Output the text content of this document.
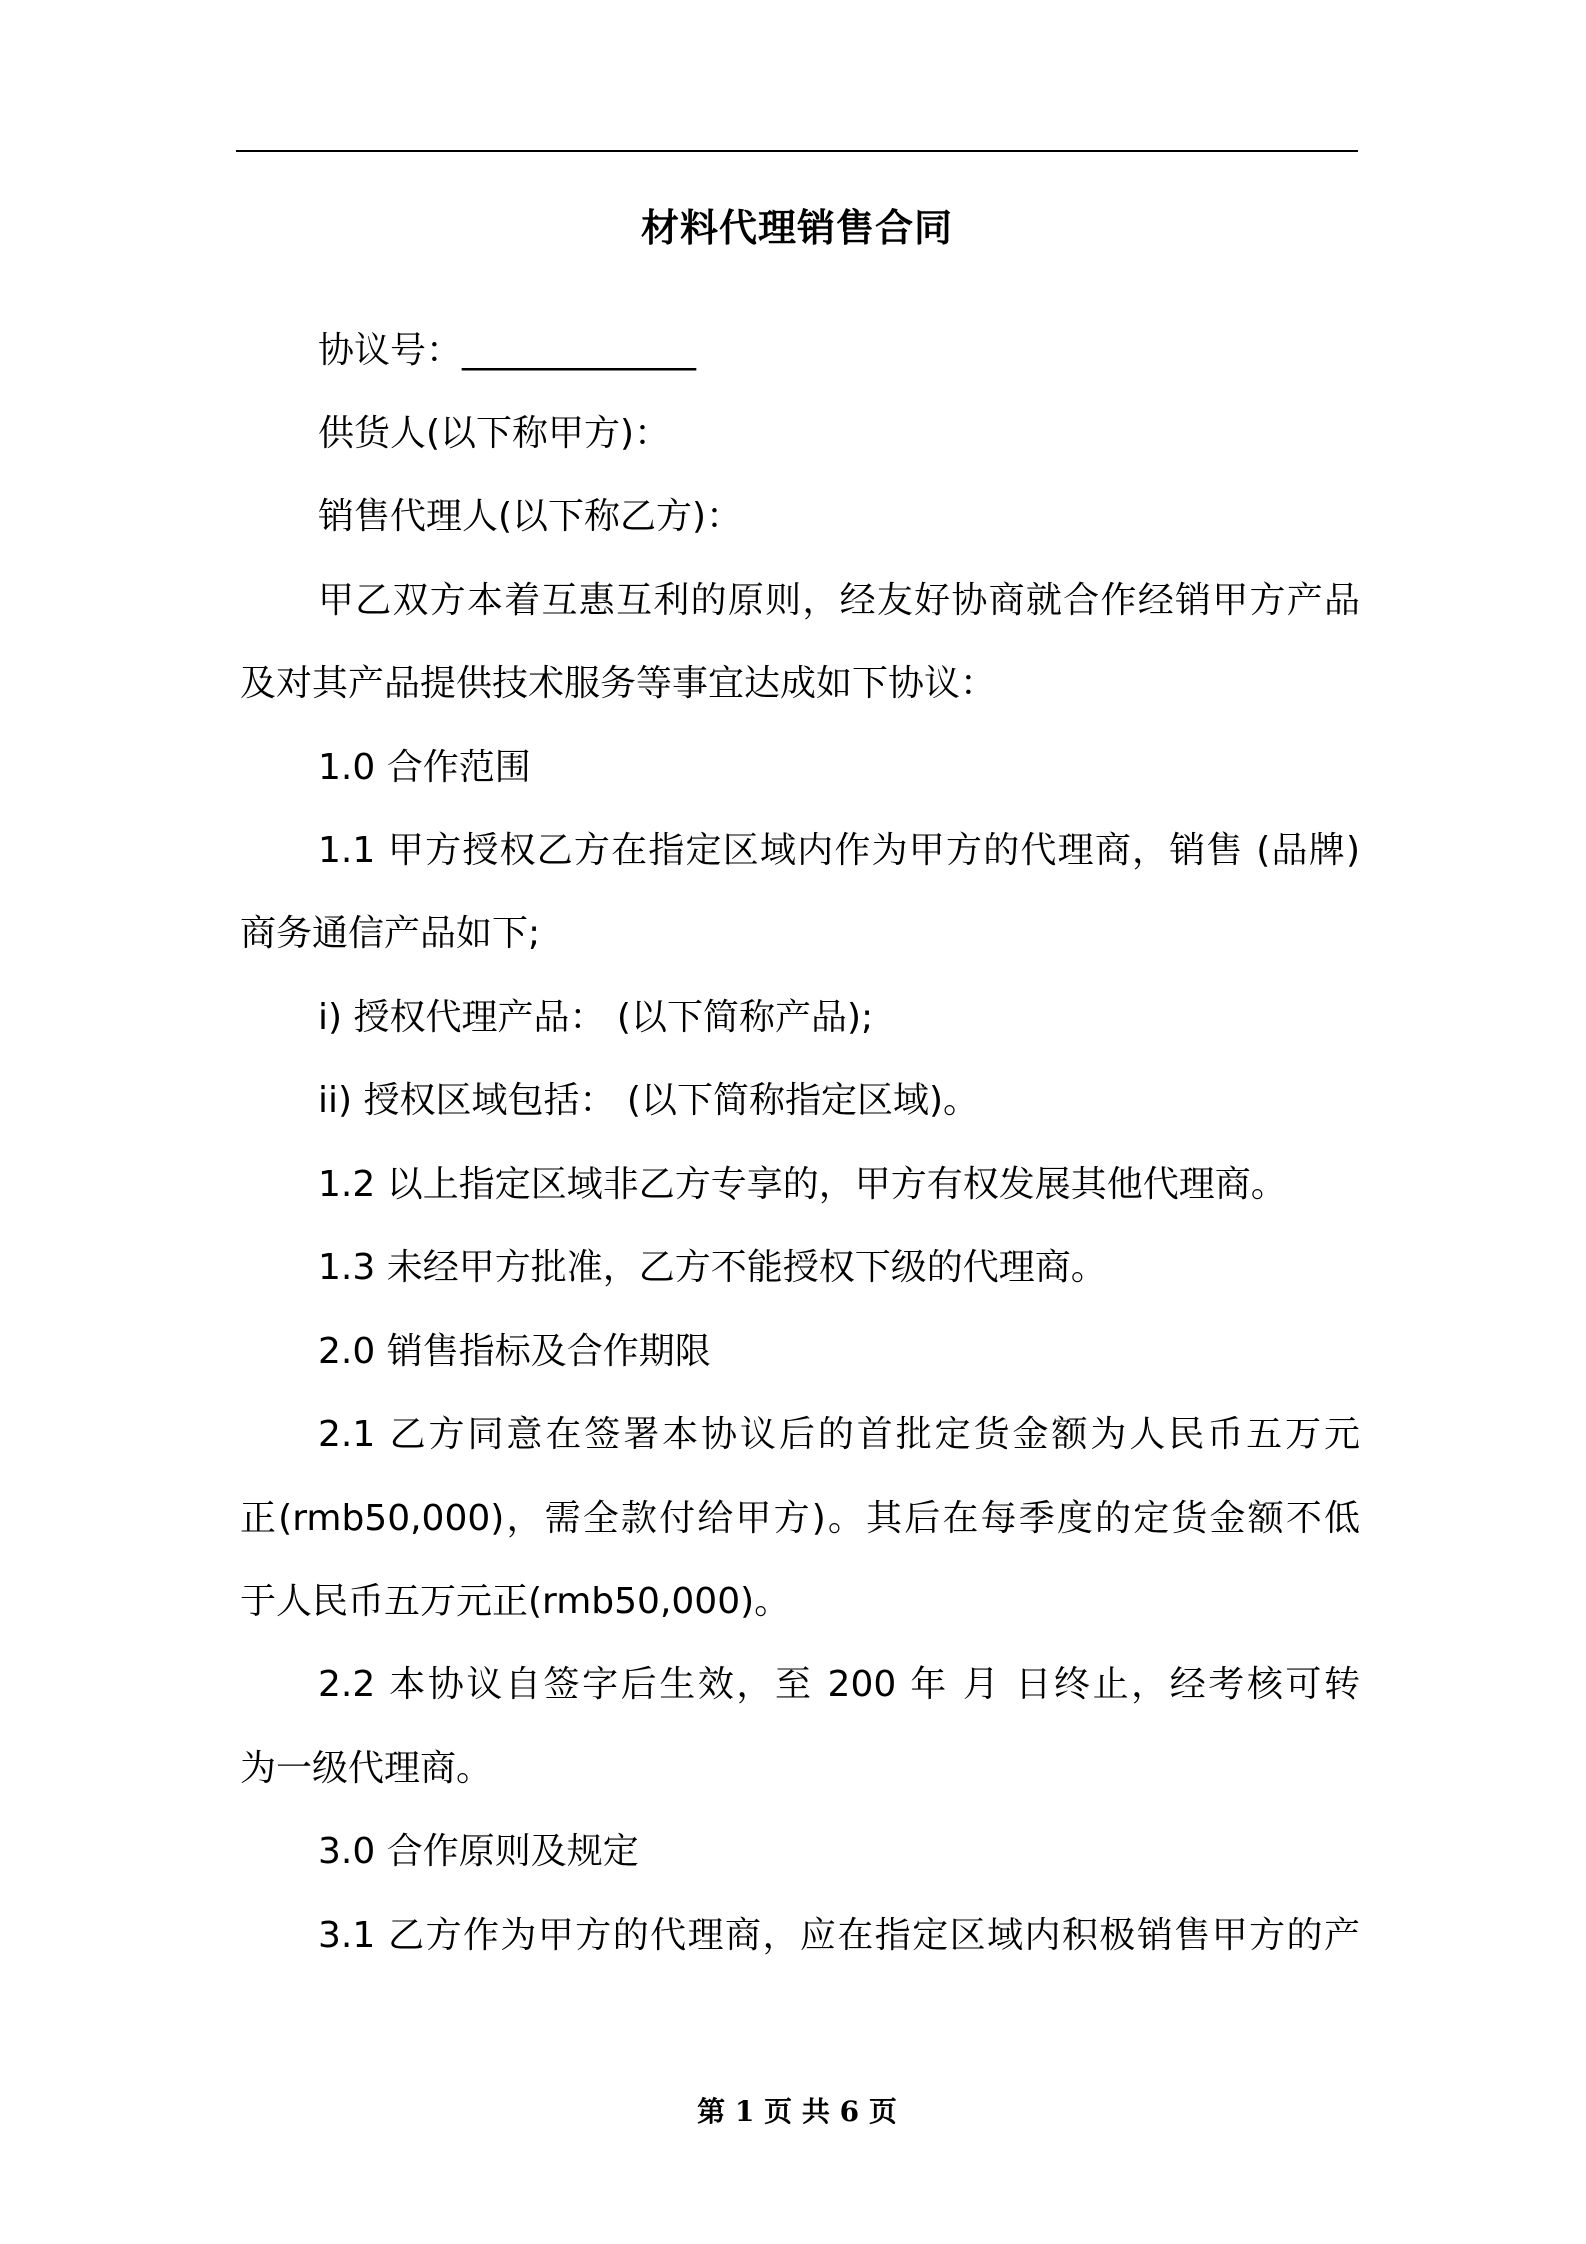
材料代理销售合同
协议号：_____________
供货人(以下称甲方)：
销售代理人(以下称乙方)：
甲乙双方本着互惠互利的原则，经友好协商就合作经销甲方产品
及对其产品提供技术服务等事宜达成如下协议：
1.0 合作范围
1.1 甲方授权乙方在指定区域内作为甲方的代理商，销售 (品牌)
商务通信产品如下;
i) 授权代理产品： (以下简称产品);
ii) 授权区域包括： (以下简称指定区域)。
1.2 以上指定区域非乙方专享的，甲方有权发展其他代理商。
1.3 未经甲方批准，乙方不能授权下级的代理商。
2.0 销售指标及合作期限
2.1 乙方同意在签署本协议后的首批定货金额为人民币五万元
正(rmb50,000)，需全款付给甲方)。其后在每季度的定货金额不低
于人民币五万元正(rmb50,000)。
2.2 本协议自签字后生效，至 200 年 月 日终止，经考核可转
为一级代理商。
3.0 合作原则及规定
3.1 乙方作为甲方的代理商，应在指定区域内积极销售甲方的产
第 1 页 共 6 页
